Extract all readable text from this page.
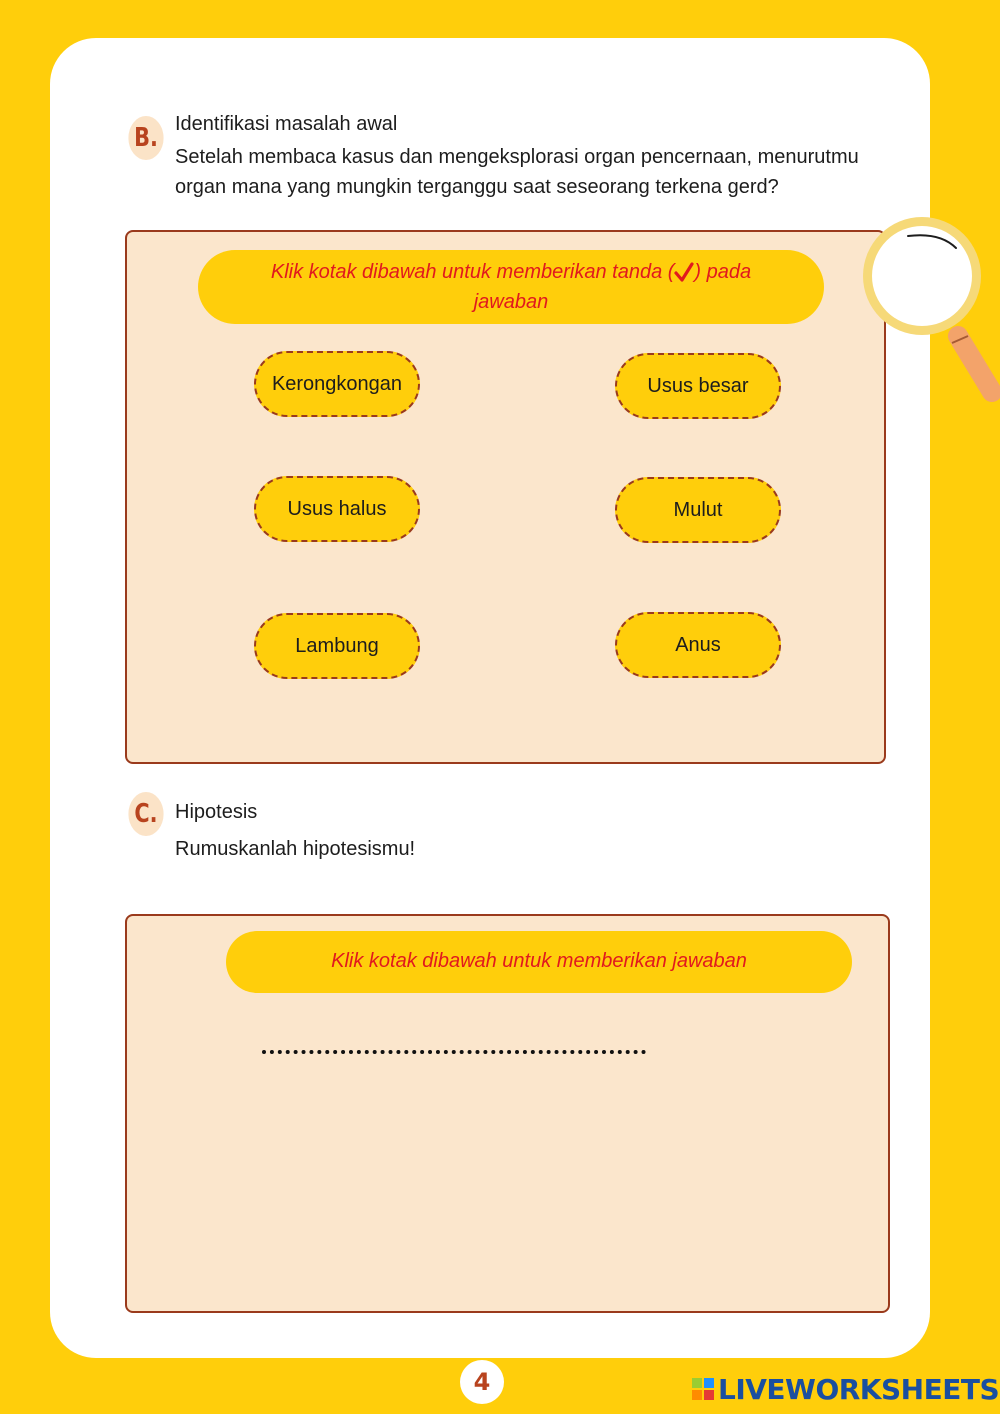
B. Identifikasi masalah awal
Setelah membaca kasus dan mengeksplorasi organ pencernaan, menurutmu
organ mana yang mungkin terganggu saat seseorang terkena gerd?
Klik kotak dibawah untuk memberikan tanda ( ) pada
jawaban
Kerongkongan	Usus besar
Usus halus	Mulut
Lambung	Anus
C. Hipotesis
Rumuskanlah hipotesismu!
Klik kotak dibawah untuk memberikan jawaban
4	LIVEWORKSHEETS
